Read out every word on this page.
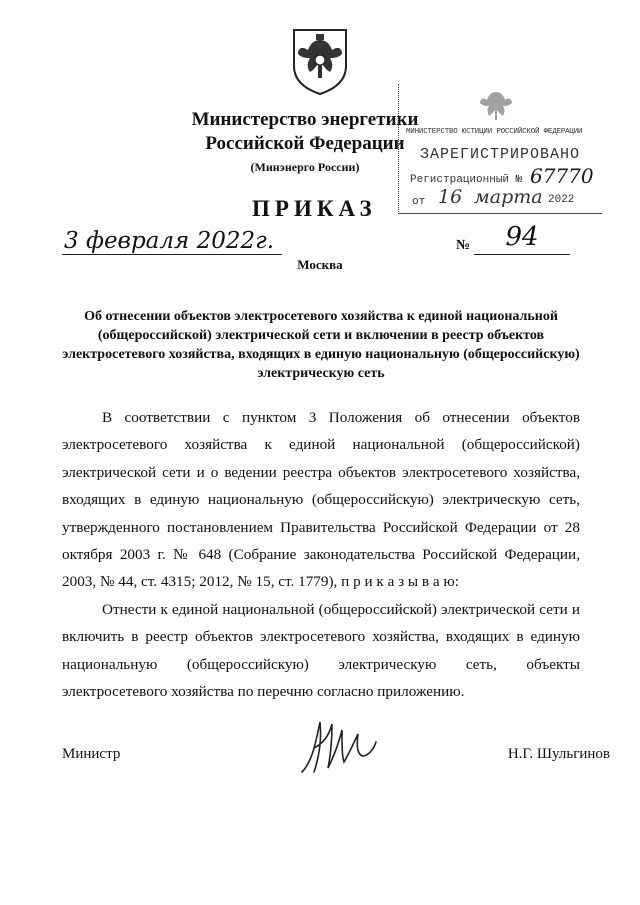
Министерство энергетики Российской Федерации
(Минэнерго России)
ПРИКАЗ
МИНИСТЕРСТВО ЮСТИЦИИ РОССИЙСКОЙ ФЕДЕРАЦИИ
ЗАРЕГИСТРИРОВАНО
Регистрационный № 67770
от 16 марта 2022
3 февраля 2022г.	№	94
Москва
Об отнесении объектов электросетевого хозяйства к единой национальной (общероссийской) электрической сети и включении в реестр объектов электросетевого хозяйства, входящих в единую национальную (общероссийскую) электрическую сеть

В соответствии с пунктом 3 Положения об отнесении объектов электросетевого хозяйства к единой национальной (общероссийской) электрической сети и о ведении реестра объектов электросетевого хозяйства, входящих в единую национальную (общероссийскую) электрическую сеть, утвержденного постановлением Правительства Российской Федерации от 28 октября 2003 г. № 648 (Собрание законодательства Российской Федерации, 2003, № 44, ст. 4315; 2012, № 15, ст. 1779), п р и к а з ы в а ю:

Отнести к единой национальной (общероссийской) электрической сети и включить в реестр объектов электросетевого хозяйства, входящих в единую национальную (общероссийскую) электрическую сеть, объекты электросетевого хозяйства по перечню согласно приложению.

Министр	Н.Г. Шульгинов
